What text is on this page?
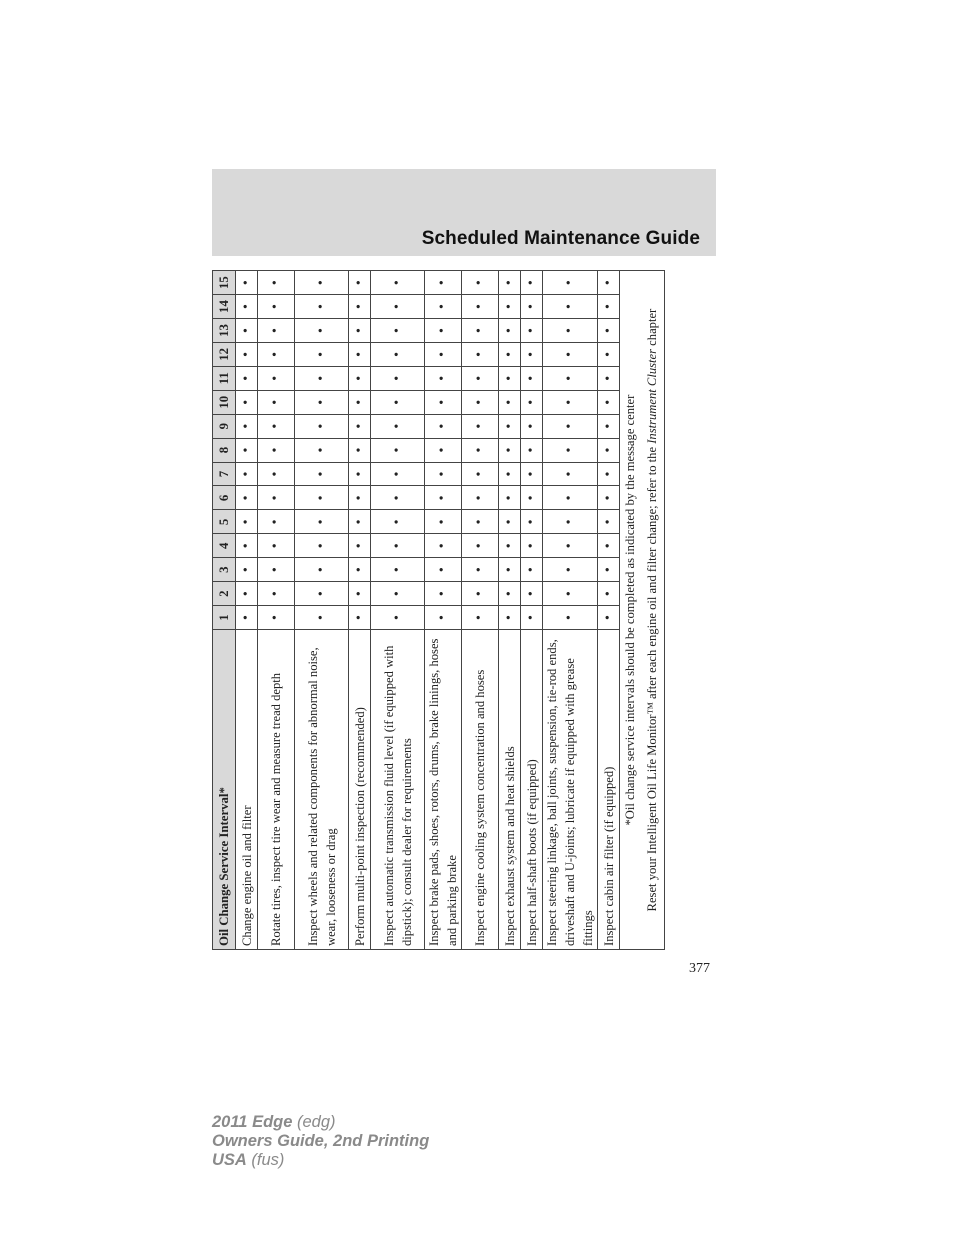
Scheduled Maintenance Guide
Oil Change Service Interval*	1	2	3	4	5	6	7	8	9	10	11	12	13	14	15
Change engine oil and filter	•	•	•	•	•	•	•	•	•	•	•	•	•	•	•
Rotate tires, inspect tire wear and measure tread depth	•	•	•	•	•	•	•	•	•	•	•	•	•	•	•
Inspect wheels and related components for abnormal noise, wear, looseness or drag	•	•	•	•	•	•	•	•	•	•	•	•	•	•	•
Perform multi-point inspection (recommended)	•	•	•	•	•	•	•	•	•	•	•	•	•	•	•
Inspect automatic transmission fluid level (if equipped with dipstick); consult dealer for requirements	•	•	•	•	•	•	•	•	•	•	•	•	•	•	•
Inspect brake pads, shoes, rotors, drums, brake linings, hoses and parking brake	•	•	•	•	•	•	•	•	•	•	•	•	•	•	•
Inspect engine cooling system concentration and hoses	•	•	•	•	•	•	•	•	•	•	•	•	•	•	•
Inspect exhaust system and heat shields	•	•	•	•	•	•	•	•	•	•	•	•	•	•	•
Inspect half-shaft boots (if equipped)	•	•	•	•	•	•	•	•	•	•	•	•	•	•	•
Inspect steering linkage, ball joints, suspension, tie-rod ends, driveshaft and U-joints; lubricate if equipped with grease fittings	•	•	•	•	•	•	•	•	•	•	•	•	•	•	•
Inspect cabin air filter (if equipped)	•	•	•	•	•	•	•	•	•	•	•	•	•	•	•
*Oil change service intervals should be completed as indicated by the message center															
Reset your Intelligent Oil Life Monitor™ after each engine oil and filter change; refer to the Instrument Cluster chapter															
377
2011 Edge (edg)
Owners Guide, 2nd Printing
USA (fus)
